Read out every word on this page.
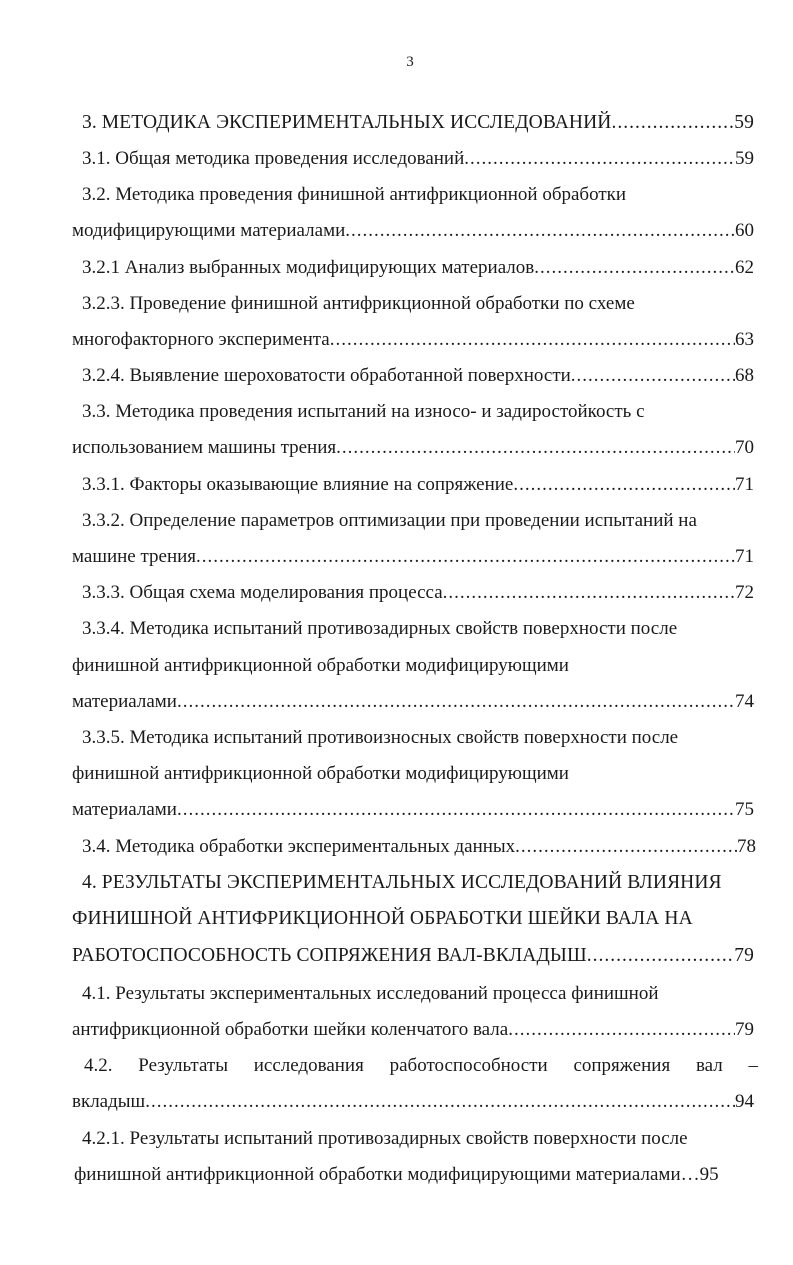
3
3. МЕТОДИКА ЭКСПЕРИМЕНТАЛЬНЫХ ИССЛЕДОВАНИЙ .....	59
3.1. Общая методика проведения исследований .....	59
3.2. Методика проведения финишной антифрикционной обработки
модифицирующими материалами .....	60
3.2.1 Анализ выбранных модифицирующих материалов .....	62
3.2.3. Проведение финишной антифрикционной обработки по схеме
многофакторного эксперимента .....	63
3.2.4. Выявление шероховатости обработанной поверхности .....	68
3.3. Методика проведения испытаний на износо- и задиростойкость с
использованием машины трения .....	70
3.3.1. Факторы оказывающие влияние на сопряжение .....	71
3.3.2. Определение параметров оптимизации при проведении испытаний на
машине трения .....	71
3.3.3. Общая схема моделирования процесса .....	72
3.3.4. Методика испытаний противозадирных свойств поверхности после
финишной антифрикционной обработки модифицирующими
материалами .....	74
3.3.5. Методика испытаний противоизносных свойств поверхности после
финишной антифрикционной обработки модифицирующими
материалами .....	75
3.4. Методика обработки экспериментальных данных .....	78
4. РЕЗУЛЬТАТЫ ЭКСПЕРИМЕНТАЛЬНЫХ ИССЛЕДОВАНИЙ ВЛИЯНИЯ
ФИНИШНОЙ АНТИФРИКЦИОННОЙ ОБРАБОТКИ ШЕЙКИ ВАЛА НА
РАБОТОСПОСОБНОСТЬ СОПРЯЖЕНИЯ ВАЛ-ВКЛАДЫШ .....	79
4.1. Результаты экспериментальных исследований процесса финишной
антифрикционной обработки шейки коленчатого вала .....	79
4.2. Результаты исследования работоспособности сопряжения вал –
вкладыш .....	94
4.2.1. Результаты испытаний противозадирных свойств поверхности после
финишной антифрикционной обработки модифицирующими материалами… 95
